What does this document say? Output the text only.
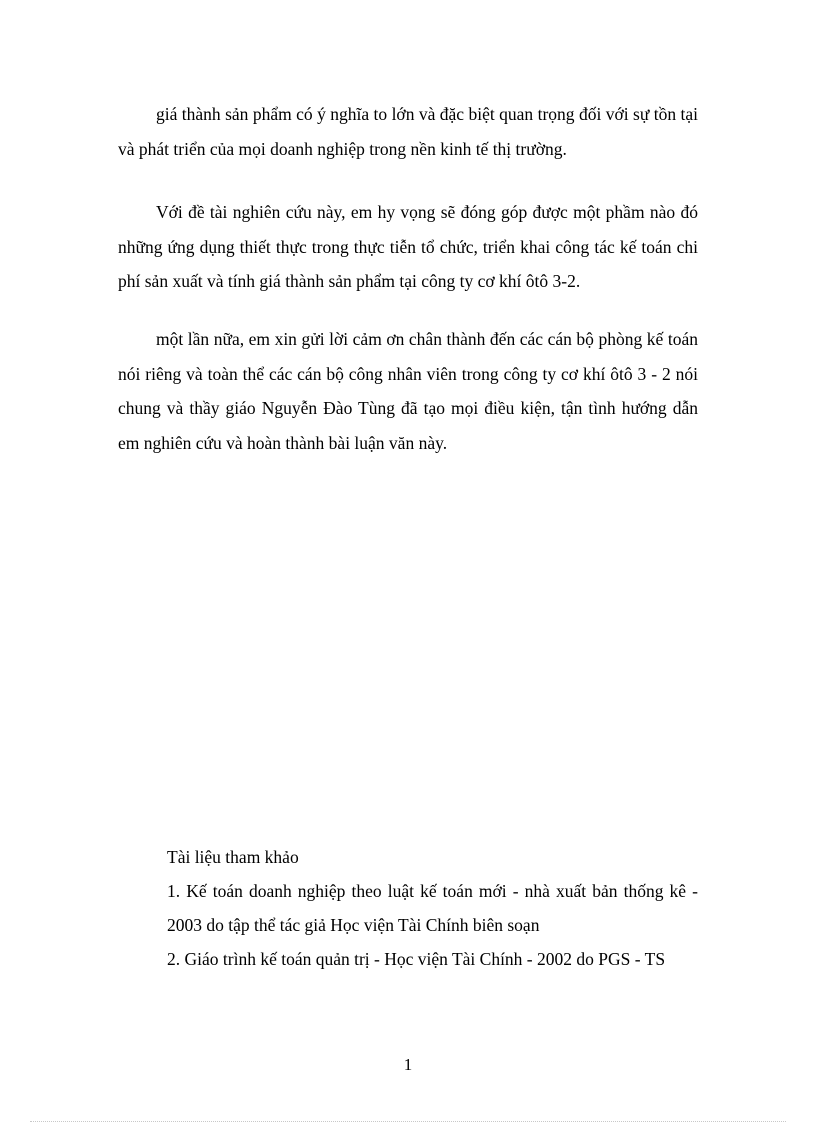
giá thành sản phẩm có ý nghĩa to lớn và đặc biệt quan trọng đối với sự tồn tại và phát triển của mọi doanh nghiệp trong nền kinh tế thị trường.

Với đề tài nghiên cứu này, em hy vọng sẽ đóng góp được một phầm nào đó những ứng dụng thiết thực trong thực tiễn tổ chức, triển khai công tác kế toán chi phí sản xuất và tính giá thành sản phẩm tại công ty cơ khí ôtô 3-2.

một lần nữa, em xin gửi lời cảm ơn chân thành đến các cán bộ phòng kế toán nói riêng và toàn thể các cán bộ công nhân viên trong công ty cơ khí ôtô 3 - 2 nói chung và thầy giáo Nguyễn Đào Tùng đã tạo mọi điều kiện, tận tình hướng dẫn em nghiên cứu và hoàn thành bài luận văn này.

Tài liệu tham khảo
1. Kế toán doanh nghiệp theo luật kế toán mới - nhà xuất bản thống kê - 2003 do tập thể tác giả Học viện Tài Chính biên soạn
2. Giáo trình kế toán quản trị - Học viện Tài Chính - 2002 do PGS - TS
1
